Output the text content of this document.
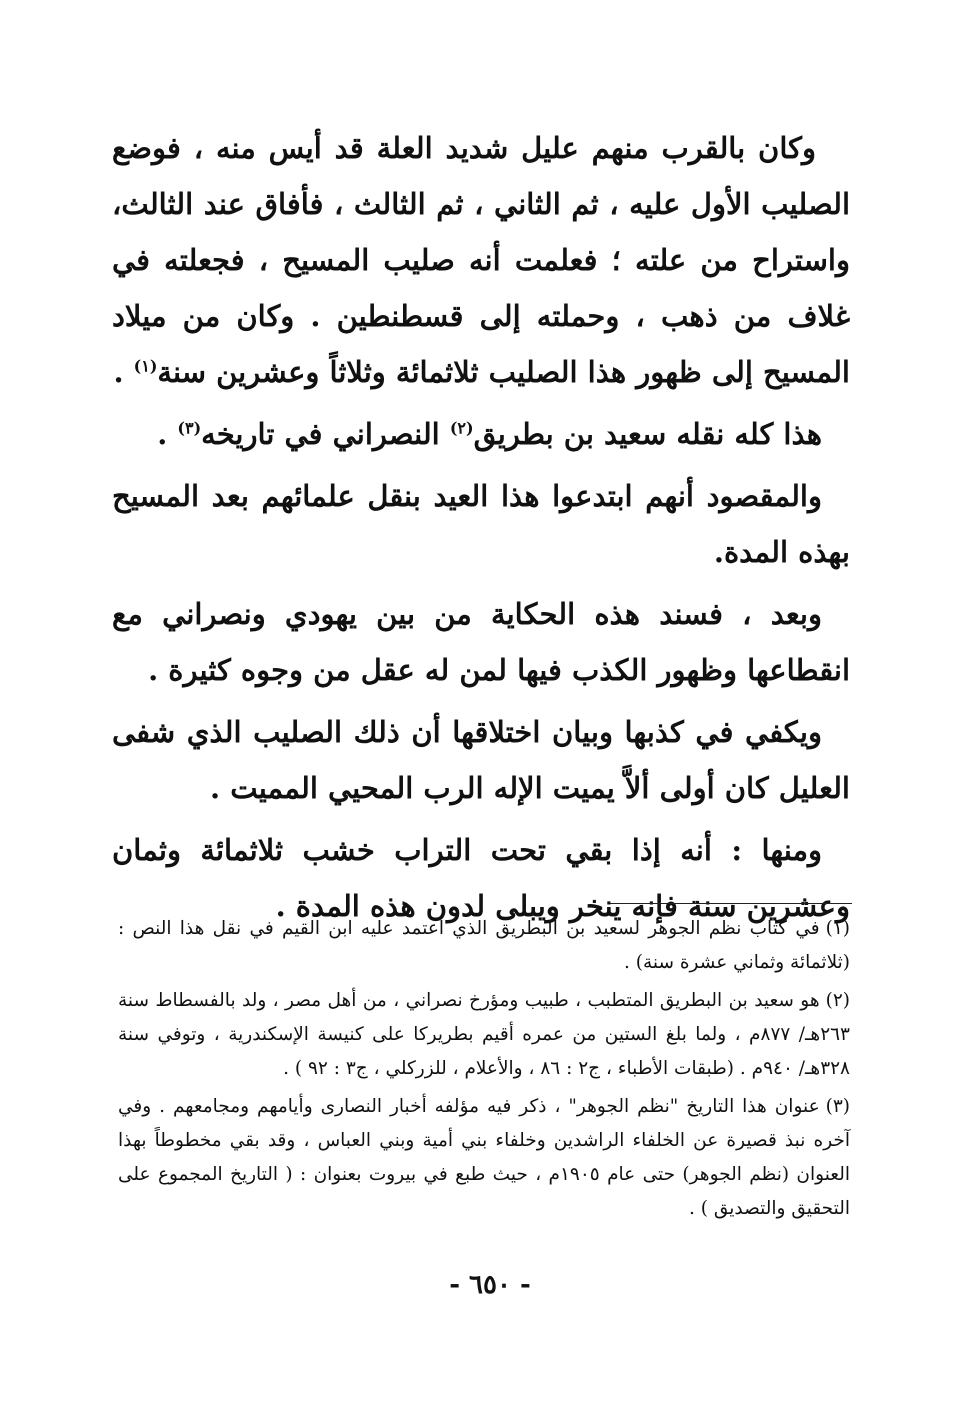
وكان بالقرب منهم عليل شديد العلة قد أيس منه ، فوضع الصليب الأول عليه ، ثم الثاني ، ثم الثالث ، فأفاق عند الثالث، واستراح من علته ؛ فعلمت أنه صليب المسيح ، فجعلته في غلاف من ذهب ، وحملته إلى قسطنطين . وكان من ميلاد المسيح إلى ظهور هذا الصليب ثلاثمائة وثلاثاً وعشرين سنة$^{(١)}$ .

هذا كله نقله سعيد بن بطريق$^{(٢)}$ النصراني في تاريخه$^{(٣)}$ .

والمقصود أنهم ابتدعوا هذا العيد بنقل علمائهم بعد المسيح بهذه المدة.

وبعد ، فسند هذه الحكاية من بين يهودي ونصراني مع انقطاعها وظهور الكذب فيها لمن له عقل من وجوه كثيرة .

ويكفي في كذبها وبيان اختلاقها أن ذلك الصليب الذي شفى العليل كان أولى ألاَّ يميت الإله الرب المحيي المميت .

ومنها : أنه إذا بقي تحت التراب خشب ثلاثمائة وثمان وعشرين سنة فإنه ينخر ويبلى لدون هذه المدة .

(١)في كتاب نظم الجوهر لسعيد بن البطريق الذي اعتمد عليه ابن القيم في نقل هذا النص : (ثلاثمائة وثماني عشرة سنة) .

(٢)هو سعيد بن البطريق المتطبب ، طبيب ومؤرخ نصراني ، من أهل مصر ، ولد بالفسطاط سنة ٢٦٣هـ/ ٨٧٧م ، ولما بلغ الستين من عمره أقيم بطريركا على كنيسة الإسكندرية ، وتوفي سنة ٣٢٨هـ/ ٩٤٠م . (طبقات الأطباء ، ج٢ : ٨٦ ، والأعلام ، للزركلي ، ج٣ : ٩٢ ) .

(٣)عنوان هذا التاريخ "نظم الجوهر" ، ذكر فيه مؤلفه أخبار النصارى وأيامهم ومجامعهم . وفي آخره نبذ قصيرة عن الخلفاء الراشدين وخلفاء بني أمية وبني العباس ، وقد بقي مخطوطاً بهذا العنوان (نظم الجوهر) حتى عام ١٩٠٥م ، حيث طبع في بيروت بعنوان : ( التاريخ المجموع على التحقيق والتصديق ) .

- ٦٥٠ -
